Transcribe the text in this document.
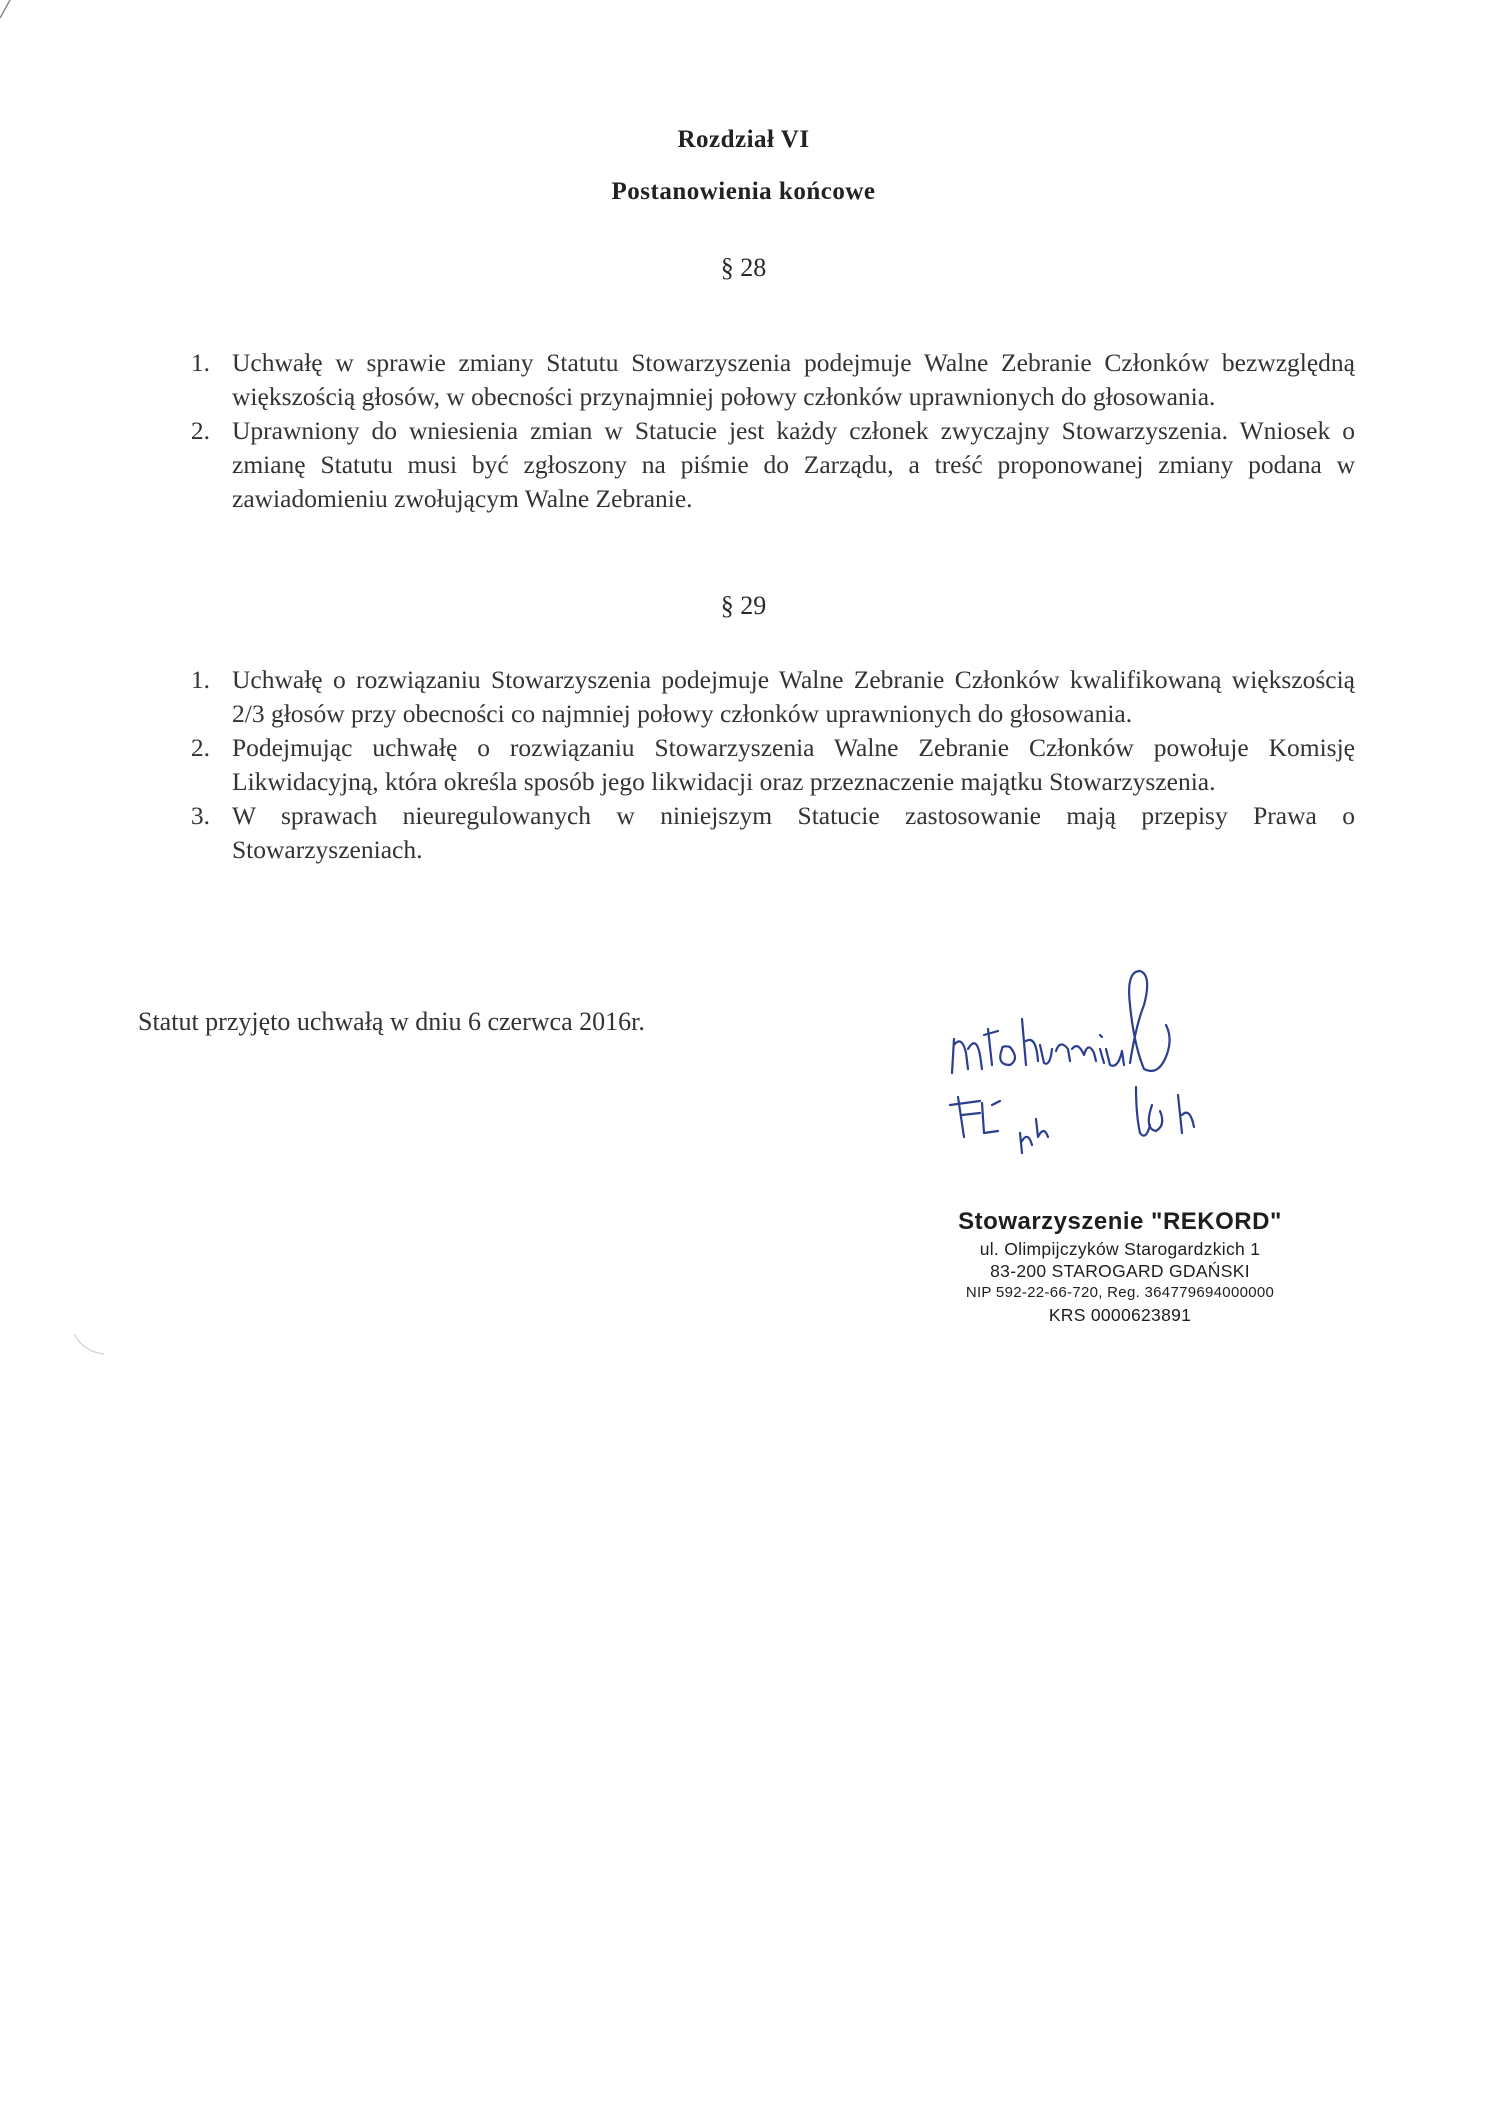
Rozdział VI
Postanowienia końcowe
§ 28
1. Uchwałę w sprawie zmiany Statutu Stowarzyszenia podejmuje Walne Zebranie Członków bezwzględną większością głosów, w obecności przynajmniej połowy członków uprawnionych do głosowania.
2. Uprawniony do wniesienia zmian w Statucie jest każdy członek zwyczajny Stowarzyszenia. Wniosek o zmianę Statutu musi być zgłoszony na piśmie do Zarządu, a treść proponowanej zmiany podana w zawiadomieniu zwołującym Walne Zebranie.
§ 29
1. Uchwałę o rozwiązaniu Stowarzyszenia podejmuje Walne Zebranie Członków kwalifikowaną większością 2/3 głosów przy obecności co najmniej połowy członków uprawnionych do głosowania.
2. Podejmując uchwałę o rozwiązaniu Stowarzyszenia Walne Zebranie Członków powołuje Komisję Likwidacyjną, która określa sposób jego likwidacji oraz przeznaczenie majątku Stowarzyszenia.
3. W sprawach nieuregulowanych w niniejszym Statucie zastosowanie mają przepisy Prawa o Stowarzyszeniach.
Statut przyjęto uchwałą w dniu 6 czerwca 2016r.
Stowarzyszenie "REKORD"
ul. Olimpijczyków Starogardzkich 1
83-200 STAROGARD GDAŃSKI
NIP 592-22-66-720, Reg. 364779694000000
KRS 0000623891
